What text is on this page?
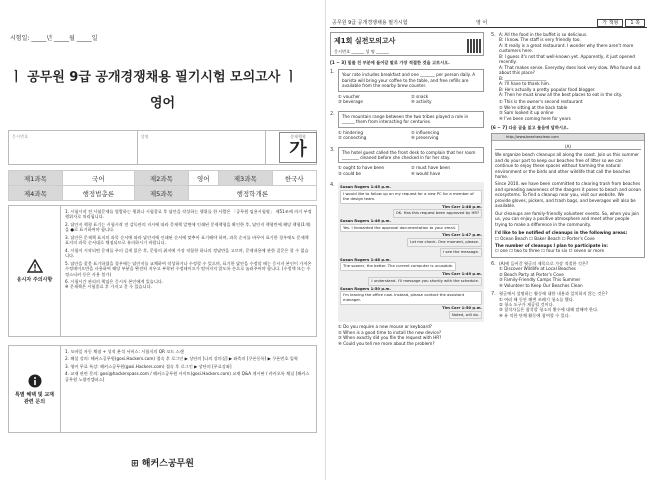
시험일: _____년 _____월 _____일
ㅣ 공무원 9급 공개경쟁채용 필기시험 모의고사 ㅣ
영어
응시번호	성명	문제책형
가
제1과목	국어	제2과목	영어	제3과목	한국사
제4과목	행정법총론	제5과목	행정학개론		
응시자 주의사항

1. 시험시작 전 시험문제를 열람하는 행위나 시험종료 후 답안을 작성하는 행위를 한 사람은 「공무원 임용시험령」 제51조에 의거 부정행위자로 처리됩니다.

2. 답안지 책형 표기는 시험시작 전 감독관의 지시에 따라 문제책 앞면에 인쇄된 문제책형을 확인한 후, 답안지 책형란에 해당 책형(1개)을 ●로 표기하여야 합니다.

3. 답안은 문제책 표지의 과목 순서에 따라 답안지에 인쇄된 순서에 맞추어 표기해야 하며, 과목 순서를 바꾸어 표기한 경우에도 문제책 표지의 과목 순서대로 채점되므로 유의하시기 바랍니다.

4. 시험이 시작되면 문제를 주의 깊게 읽은 후, 문항의 취지에 가장 적합한 하나의 정답만을 고르며, 문제내용에 관한 질문은 할 수 없습니다.

5. 답안을 잘못 표기하였을 경우에는 답안지를 교체하여 작성하거나 수정할 수 있으며, 표기한 답안을 수정할 때는 응시자 본인이 가져온 수정테이프만을 사용하여 해당 부분을 완전히 지우고 부착된 수정테이프가 떨어지지 않도록 손으로 눌러주어야 합니다. (수정액 또는 수정스티커 등은 사용 불가)

6. 시험시간 관리의 책임은 응시자 본인에게 있습니다.
※ 문제책은 시험종료 후 가지고 갈 수 있습니다.

특별 혜택 및 교재 관련 문의

1. 모바일 자동 채점 + 성적 분석 서비스: 시험지의 QR 코드 스캔

2. 해설 강의: 해커스공무원(gosi.Hackers.com) 접속 후 로그인 ▶ 상단의 [나의 강의실] ▶ 좌측의 [쿠폰등록] ▶ 쿠폰번호 입력

3. 영어 무료 특강: 해커스공무원(gosi.Hackers.com) 접속 후 로그인 ▶ 상단의 [무료강좌]

4. 교재 관련 문의: gosi@hackerspass.com / 해커스공무원 사이트(gosi.Hackers.com) 교재 Q&A 게시판 / 카카오톡 채널 [해커스공무원 노량진캠퍼스]

⊞ 해커스공무원
공무원 9급 공개경쟁채용 필기시험	영 어	가 책형	1 쪽
제1회 실전모의고사
응시번호 ______ 성 명 ______
[1 ~ 3] 밑줄 친 부분에 들어갈 말로 가장 적절한 것을 고르시오.
1.	Your rate includes breakfast and one _______ per person daily. A barista will bring your coffee to the table, and free refills are available from the nearby brew counter.
① voucher	② snack
③ beverage	④ activity
2.	The mountain range between the two tribes played a role in ______ them from interacting for centuries.
① hindering	② influencing
③ connecting	④ preserving
3.	The hotel guest called the front desk to complain that her room ________ cleaned before she checked in for her stay.
① ought to have been	② must have been
③ could be	④ would have
4. Susan Rogers 1:45 p.m.
I would like to follow up on my request for a new PC for a member of the design team.
Tim Carr 1:46 p.m.
OK. Has this request been approved by HR?
Susan Rogers 1:46 p.m.
Yes. I forwarded the approval documentation to your email.
Tim Carr 1:47 p.m.
Let me check. One moment, please.
I see the message.
Susan Rogers 1:48 p.m.
The sooner, the better. The current computer is unusable.
Tim Carr 1:49 p.m.
I understand. I'll message you shortly with the schedule.
Susan Rogers 1:50 p.m.
I'm leaving the office now. Instead, please contact the assistant manager.
Tim Carr 1:50 p.m.
Noted, will do.
① Do you require a new mouse or keyboard?
② When is a good time to install the new device?
③ When exactly did you file the request with HR?
④ Could you tell me more about the problem?
5. A: All the food in the buffet is so delicious.
B: I know. The staff is very friendly too.
A: It really is a great restaurant. I wonder why there aren't more customers here.
B: I guess it's not that well-known yet. Apparently, it just opened recently.
A: That makes sense. Everyday does look very slow. Who found out about this place?
B: ____________________
A: I'll have to thank him.
B: He's actually a pretty popular food blogger.
A: Then he must know all the best places to eat in the city.
① This is the owner's second restaurant
② We're sitting at the back table
③ Sam looked it up online
④ I've been coming here for years
[6 ~ 7] 다음 글을 읽고 물음에 답하시오.
http://www.beachesclean.com
(A)

We organize beach cleanups all along the coast. Join us this summer and do your part to keep our beaches free of litter so we can continue to enjoy these spaces without harming the natural environment or the birds and other wildlife that call the beaches home.

Since 2010, we have been committed to clearing trash from beaches and spreading awareness of the dangers it poses to beach and ocean ecosystems. To find a cleanup near you, visit our website. We provide gloves, pickers, and trash bags, and beverages will also be available.

Our cleanups are family-friendly volunteer events. So, when you join us, you can enjoy a positive atmosphere and meet other people trying to make a difference in the community.

I'd like to be notified of cleanups in the following areas:
☐ Ocean Beach ☐ Baker Beach ☐ Porter's Cove
The number of cleanups I plan to participate in:
☐ one ☐ two to three ☐ four to six ☐ seven or more
6. (A)에 들어갈 윗글의 제목으로 가장 적절한 것은?
① Discover Wildlife at Local Beaches
② Beach Party at Porter's Cove
③ Family-Friendly Camps This Summer
④ Volunteer to Keep Our Beaches Clean
7. 윗글에서 설명하는 활동에 대한 내용과 일치하지 않는 것은?
① 여러 해 동안 해변 쓰레기 청소를 했다.
② 청소 도구가 제공될 것이다.
③ 참석자들은 참석할 청소의 횟수에 대해 말해야 한다.
④ 유 익한 단체 활동에 참여할 수 있다.
